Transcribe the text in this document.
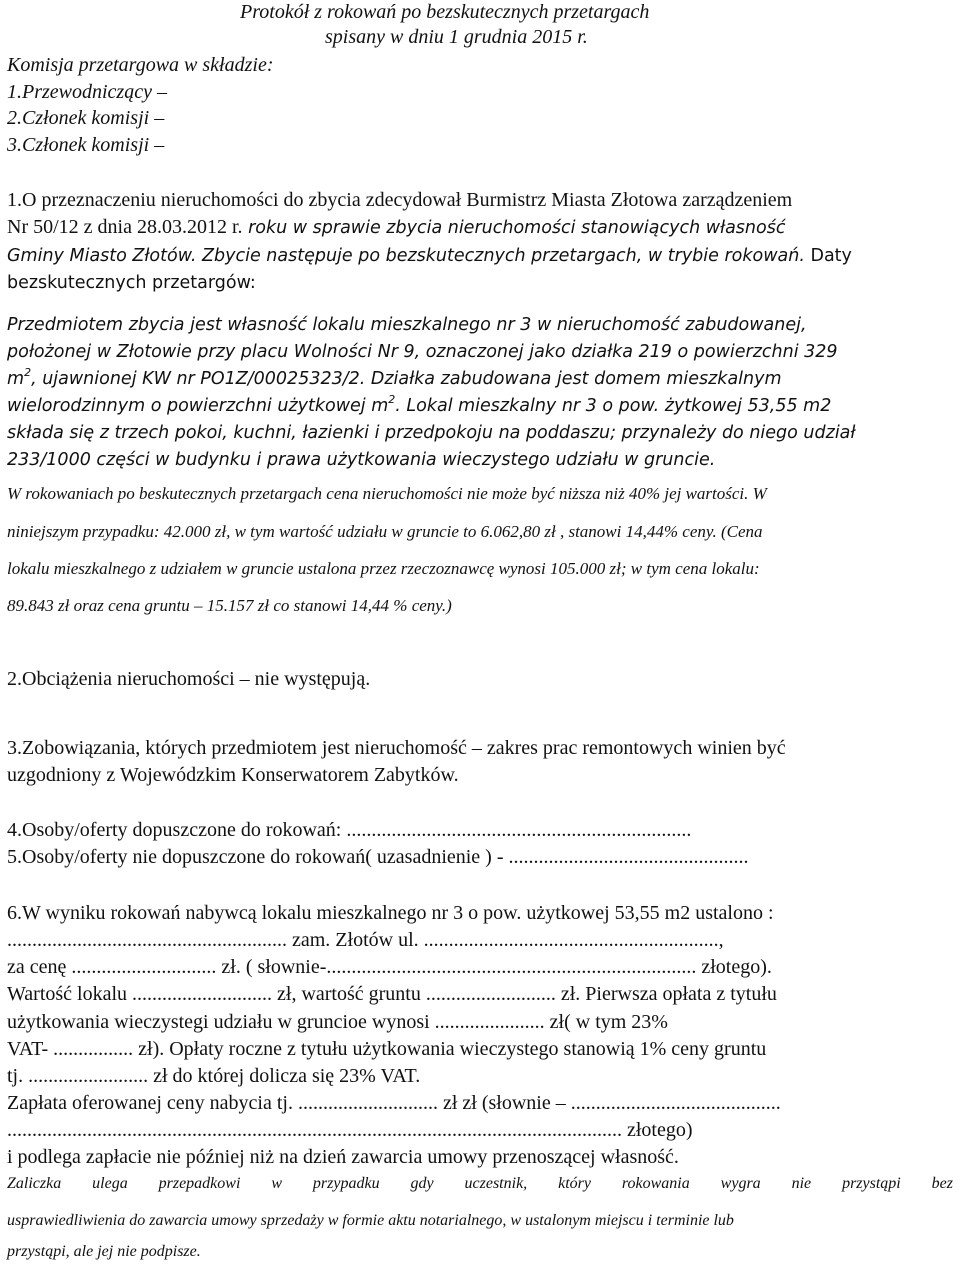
Protokół z rokowań po bezskutecznych przetargach
spisany w dniu 1 grudnia 2015 r.
Komisja przetargowa w składzie:
1.Przewodniczący –
2.Członek komisji –
3.Członek komisji –
1.O przeznaczeniu nieruchomości do zbycia zdecydował Burmistrz Miasta Złotowa zarządzeniem
Nr 50/12 z dnia 28.03.2012 r. roku w sprawie zbycia nieruchomości stanowiących własność
Gminy Miasto Złotów. Zbycie następuje po bezskutecznych przetargach, w trybie rokowań. Daty
bezskutecznych przetargów:
Przedmiotem zbycia jest własność lokalu mieszkalnego nr 3 w nieruchomość zabudowanej,
położonej w Złotowie przy placu Wolności Nr 9, oznaczonej jako działka 219 o powierzchni 329
$m^2$, ujawnionej KW nr PO1Z/00025323/2. Działka zabudowana jest domem mieszkalnym
wielorodzinnym o powierzchni użytkowej $m^2$. Lokal mieszkalny nr 3 o pow. żytkowej 53,55 m2
składa się z trzech pokoi, kuchni, łazienki i przedpokoju na poddaszu; przynależy do niego udział
233/1000 części w budynku i prawa użytkowania wieczystego udziału w gruncie.
W rokowaniach po beskutecznych przetargach cena nieruchomości nie może być niższa niż 40% jej wartości. W
niniejszym przypadku: 42.000 zł, w tym wartość udziału w gruncie to 6.062,80 zł , stanowi 14,44% ceny. (Cena
lokalu mieszkalnego z udziałem w gruncie ustalona przez rzeczoznawcę wynosi 105.000 zł; w tym cena lokalu:
89.843 zł oraz cena gruntu – 15.157 zł co stanowi 14,44 % ceny.)
2.Obciążenia nieruchomości – nie występują.
3.Zobowiązania, których przedmiotem jest nieruchomość – zakres prac remontowych winien być
uzgodniony z Wojewódzkim Konserwatorem Zabytków.
4.Osoby/oferty dopuszczone do rokowań: .....................................................................
5.Osoby/oferty nie dopuszczone do rokowań( uzasadnienie ) - ................................................
6.W wyniku rokowań nabywcą lokalu mieszkalnego nr 3 o pow. użytkowej 53,55 m2 ustalono :
........................................................ zam. Złotów ul. ...........................................................,
za cenę ............................. zł. ( słownie-.......................................................................... złotego).
Wartość lokalu ............................ zł, wartość gruntu .......................... zł. Pierwsza opłata z tytułu
użytkowania wieczystegi udziału w gruncioe wynosi ...................... zł( w tym 23%
VAT- ................ zł). Opłaty roczne z tytułu użytkowania wieczystego stanowią 1% ceny gruntu
tj. ........................ zł do której dolicza się 23% VAT.
Zapłata oferowanej ceny nabycia tj. ............................ zł zł (słownie – ..........................................
........................................................................................................................... złotego)
i podlega zapłacie nie później niż na dzień zawarcia umowy przenoszącej własność.
Zaliczka ulega przepadkowi w przypadku gdy uczestnik, który rokowania wygra nie przystąpi bez
usprawiedliwienia do zawarcia umowy sprzedaży w formie aktu notarialnego, w ustalonym miejscu i terminie lub
przystąpi, ale jej nie podpisze.
